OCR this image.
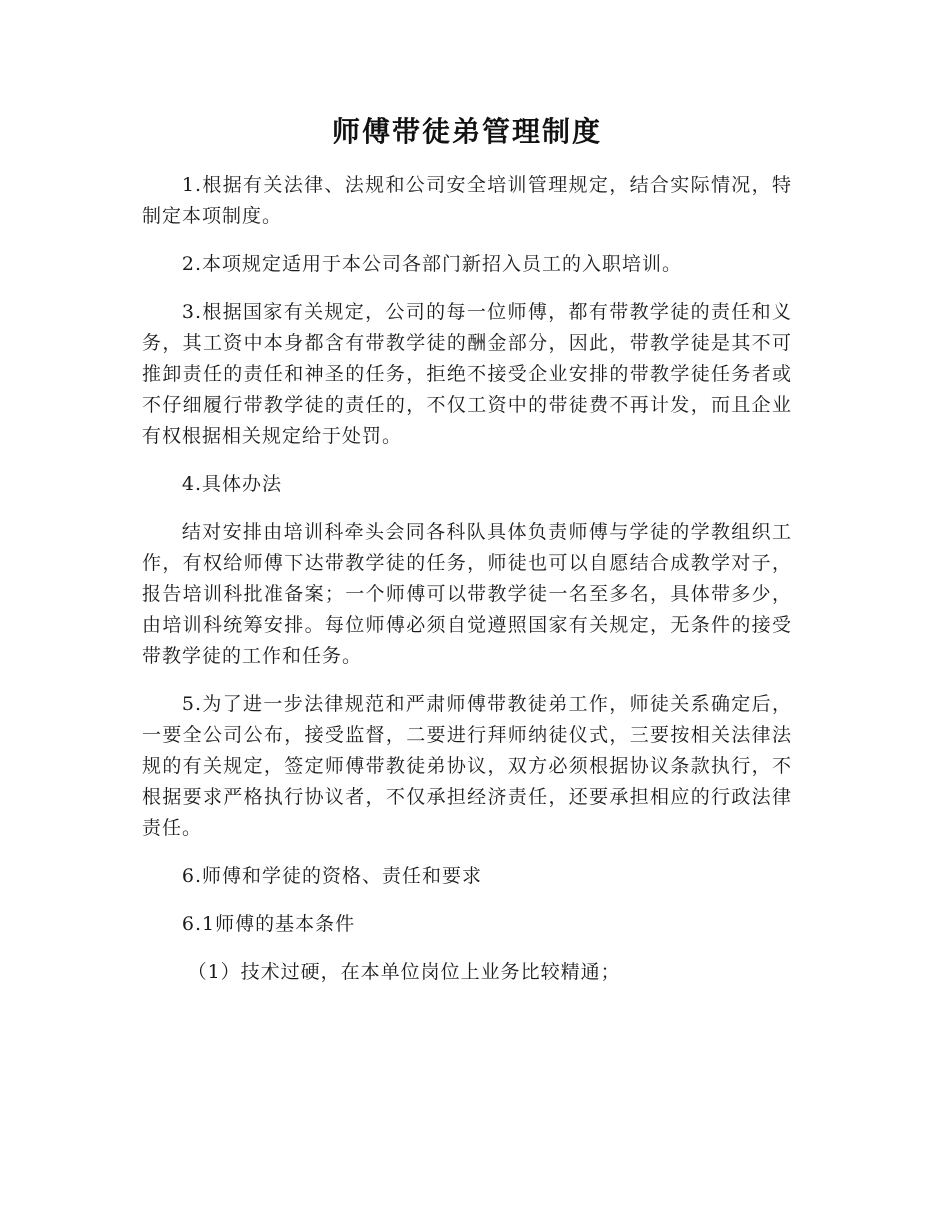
师傅带徒弟管理制度

1.根据有关法律、法规和公司安全培训管理规定，结合实际情况，特制定本项制度。

2.本项规定适用于本公司各部门新招入员工的入职培训。

3.根据国家有关规定，公司的每一位师傅，都有带教学徒的责任和义务，其工资中本身都含有带教学徒的酬金部分，因此，带教学徒是其不可推卸责任的责任和神圣的任务，拒绝不接受企业安排的带教学徒任务者或不仔细履行带教学徒的责任的，不仅工资中的带徒费不再计发，而且企业有权根据相关规定给于处罚。

4.具体办法

结对安排由培训科牵头会同各科队具体负责师傅与学徒的学教组织工作，有权给师傅下达带教学徒的任务，师徒也可以自愿结合成教学对子，报告培训科批准备案；一个师傅可以带教学徒一名至多名，具体带多少，由培训科统筹安排。每位师傅必须自觉遵照国家有关规定，无条件的接受带教学徒的工作和任务。

5.为了进一步法律规范和严肃师傅带教徒弟工作，师徒关系确定后，一要全公司公布，接受监督，二要进行拜师纳徒仪式，三要按相关法律法规的有关规定，签定师傅带教徒弟协议，双方必须根据协议条款执行，不根据要求严格执行协议者，不仅承担经济责任，还要承担相应的行政法律责任。

6.师傅和学徒的资格、责任和要求

6.1师傅的基本条件

（1）技术过硬，在本单位岗位上业务比较精通；
